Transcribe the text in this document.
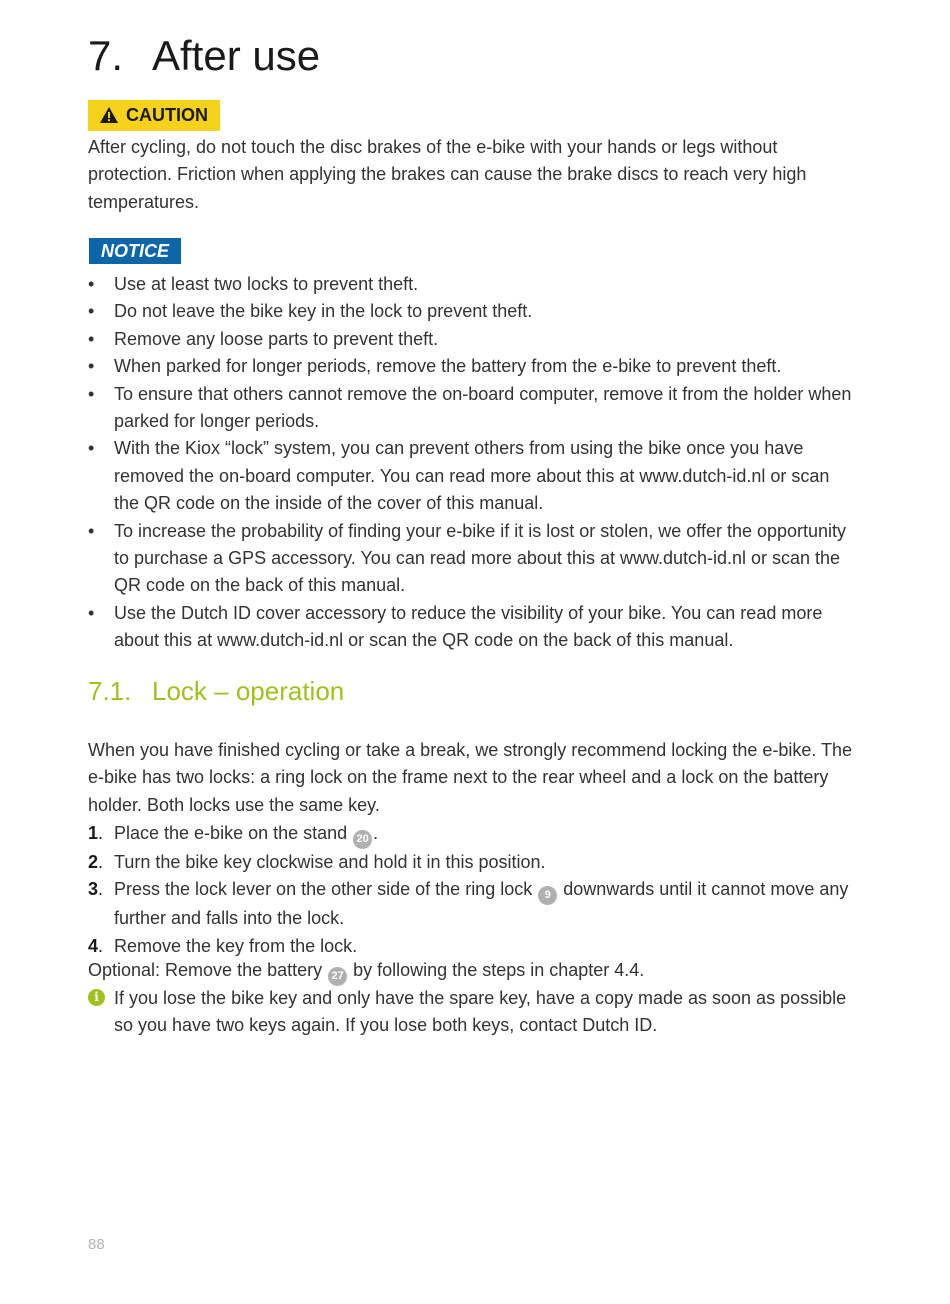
7. After use
CAUTION
After cycling, do not touch the disc brakes of the e-bike with your hands or legs without protection. Friction when applying the brakes can cause the brake discs to reach very high temperatures.
NOTICE
• Use at least two locks to prevent theft.
• Do not leave the bike key in the lock to prevent theft.
• Remove any loose parts to prevent theft.
• When parked for longer periods, remove the battery from the e-bike to prevent theft.
• To ensure that others cannot remove the on-board computer, remove it from the holder when parked for longer periods.
• With the Kiox “lock” system, you can prevent others from using the bike once you have removed the on-board computer. You can read more about this at www.dutch-id.nl or scan the QR code on the inside of the cover of this manual.
• To increase the probability of finding your e-bike if it is lost or stolen, we offer the opportunity to purchase a GPS accessory. You can read more about this at www.dutch-id.nl or scan the QR code on the back of this manual.
• Use the Dutch ID cover accessory to reduce the visibility of your bike. You can read more about this at www.dutch-id.nl or scan the QR code on the back of this manual.
7.1. Lock – operation
When you have finished cycling or take a break, we strongly recommend locking the e-bike. The e-bike has two locks: a ring lock on the frame next to the rear wheel and a lock on the battery holder. Both locks use the same key.
1. Place the e-bike on the stand 20 .
2. Turn the bike key clockwise and hold it in this position.
3. Press the lock lever on the other side of the ring lock 9 downwards until it cannot move any further and falls into the lock.
4. Remove the key from the lock.
Optional: Remove the battery 27 by following the steps in chapter 4.4.
i If you lose the bike key and only have the spare key, have a copy made as soon as possible so you have two keys again. If you lose both keys, contact Dutch ID.
88
